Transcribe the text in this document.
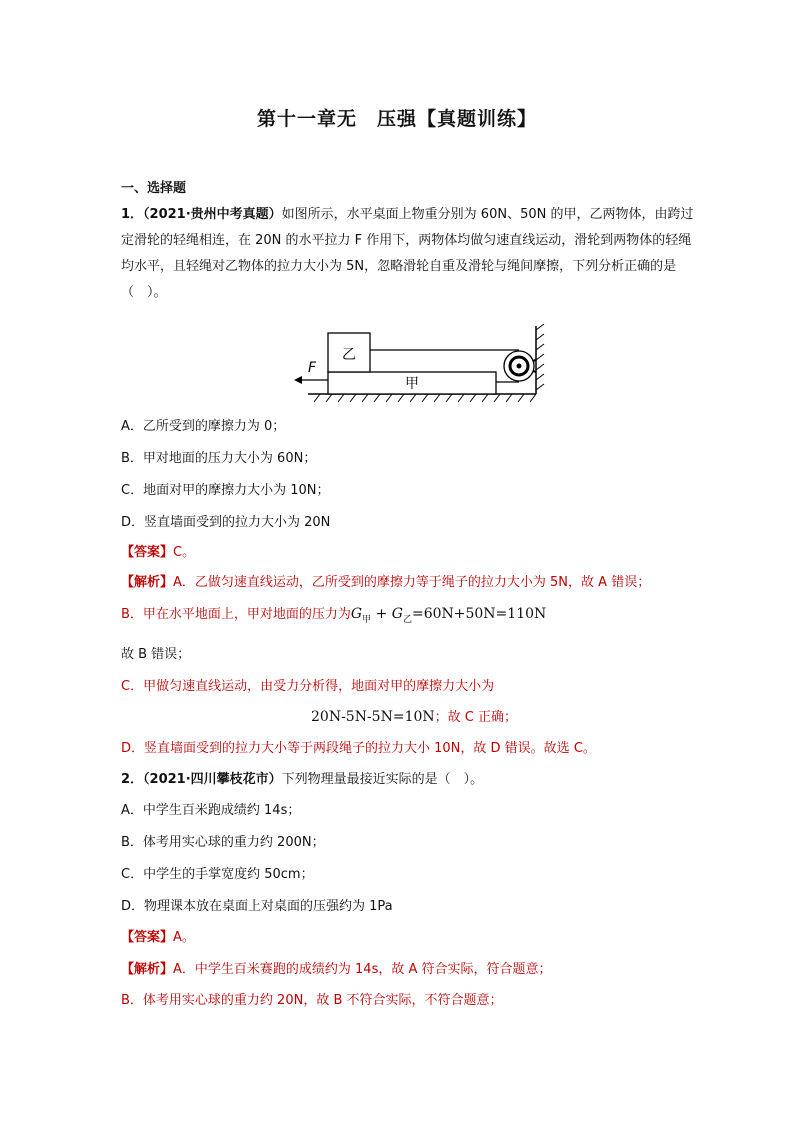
第十一章无　压强【真题训练】
一、选择题
1．（2021·贵州中考真题）如图所示，水平桌面上物重分别为 60N、50N 的甲，乙两物体，由跨过定滑轮的轻绳相连，在 20N 的水平拉力 F 作用下，两物体均做匀速直线运动，滑轮到两物体的轻绳均水平，且轻绳对乙物体的拉力大小为 5N，忽略滑轮自重及滑轮与绳间摩擦，下列分析正确的是（　）。
甲
乙
F
A．乙所受到的摩擦力为 0；
B．甲对地面的压力大小为 60N；
C．地面对甲的摩擦力大小为 10N；
D．竖直墙面受到的拉力大小为 20N
【答案】C。
【解析】A．乙做匀速直线运动，乙所受到的摩擦力等于绳子的拉力大小为 5N，故 A 错误；
B．甲在水平地面上，甲对地面的压力为$G_甲 + G_乙=60N+50N=110N$
故 B 错误；
C．甲做匀速直线运动，由受力分析得，地面对甲的摩擦力大小为
20N-5N-5N=10N；故 C 正确；
D．竖直墙面受到的拉力大小等于两段绳子的拉力大小 10N，故 D 错误。故选 C。
2．（2021·四川攀枝花市）下列物理量最接近实际的是（　）。
A．中学生百米跑成绩约 14s；
B．体考用实心球的重力约 200N；
C．中学生的手掌宽度约 50cm；
D．物理课本放在桌面上对桌面的压强约为 1Pa
【答案】A。
【解析】A．中学生百米赛跑的成绩约为 14s，故 A 符合实际，符合题意；
B．体考用实心球的重力约 20N，故 B 不符合实际，不符合题意；
